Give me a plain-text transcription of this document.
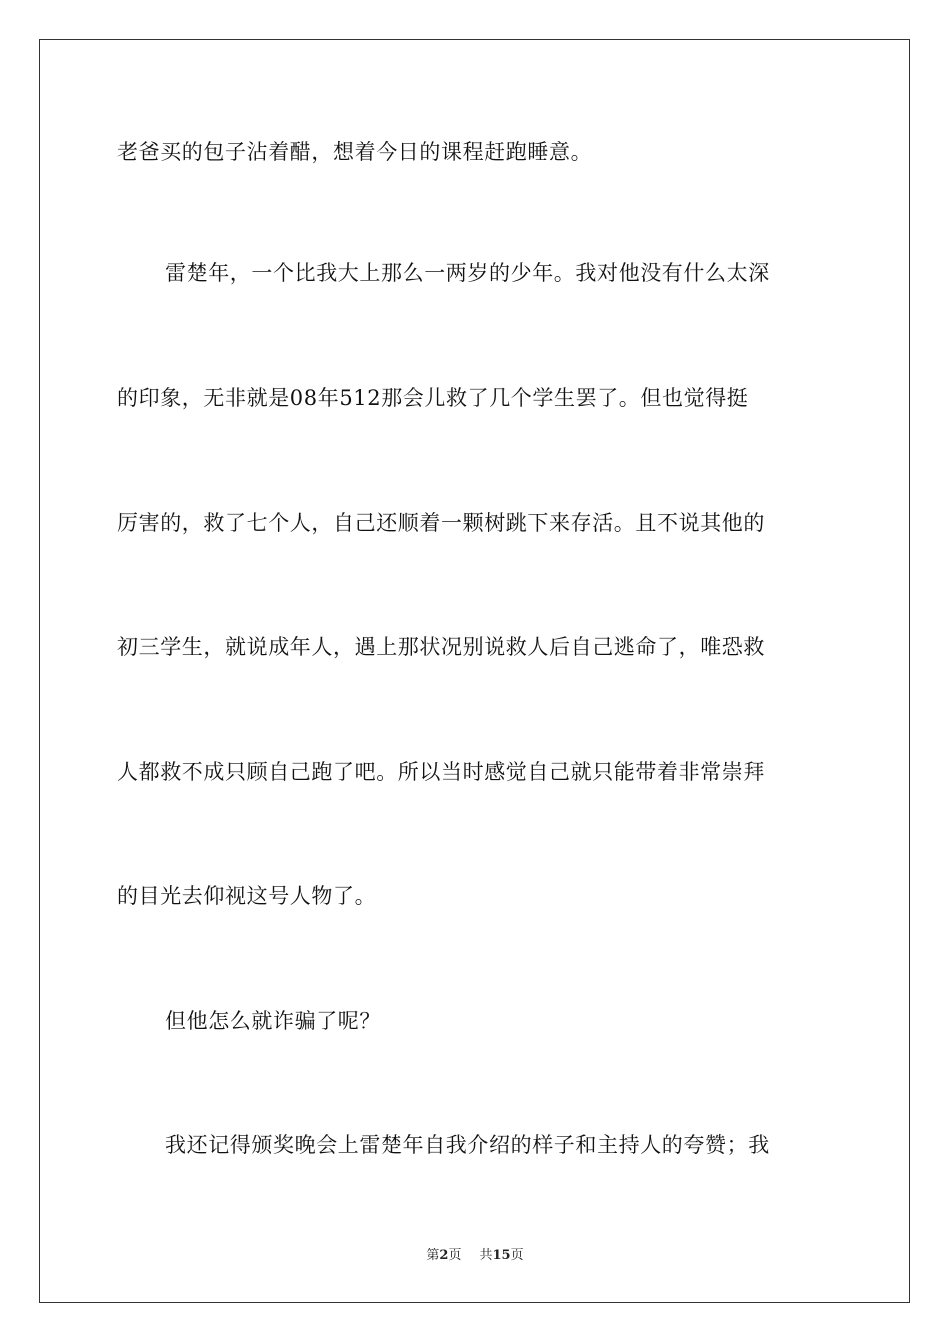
老爸买的包子沾着醋，想着今日的课程赶跑睡意。
雷楚年，一个比我大上那么一两岁的少年。我对他没有什么太深
的印象，无非就是08年512那会儿救了几个学生罢了。但也觉得挺
厉害的，救了七个人，自己还顺着一颗树跳下来存活。且不说其他的
初三学生，就说成年人，遇上那状况别说救人后自己逃命了，唯恐救
人都救不成只顾自己跑了吧。所以当时感觉自己就只能带着非常崇拜
的目光去仰视这号人物了。
但他怎么就诈骗了呢？
我还记得颁奖晚会上雷楚年自我介绍的样子和主持人的夸赞；我
第2页 共15页
